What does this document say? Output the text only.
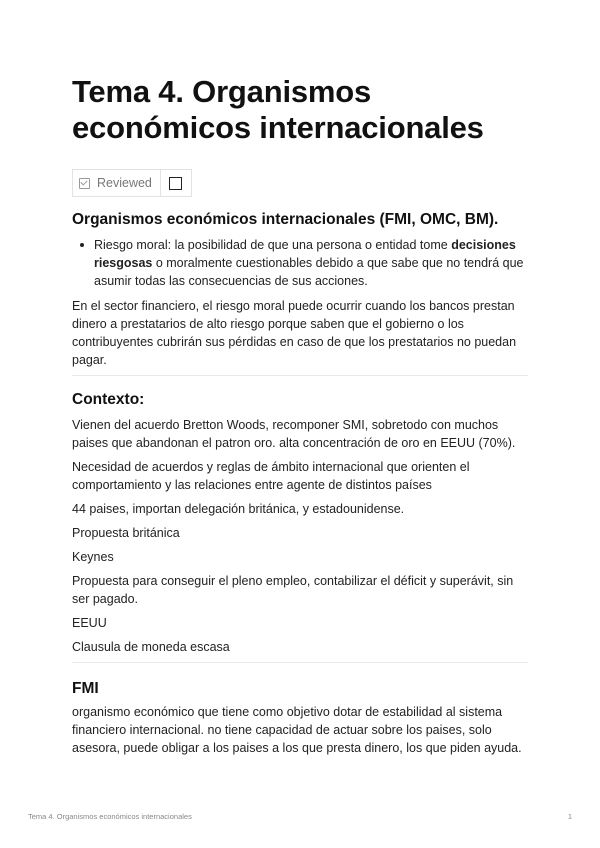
Tema 4. Organismos económicos internacionales
Reviewed
Organismos económicos internacionales (FMI, OMC, BM).

Riesgo moral: la posibilidad de que una persona o entidad tome decisiones riesgosas o moralmente cuestionables debido a que sabe que no tendrá que asumir todas las consecuencias de sus acciones.

En el sector financiero, el riesgo moral puede ocurrir cuando los bancos prestan dinero a prestatarios de alto riesgo porque saben que el gobierno o los contribuyentes cubrirán sus pérdidas en caso de que los prestatarios no puedan pagar.

Contexto:

Vienen del acuerdo Bretton Woods, recomponer SMI, sobretodo con muchos paises que abandonan el patron oro. alta concentración de oro en EEUU (70%).

Necesidad de acuerdos y reglas de ámbito internacional que orienten el comportamiento y las relaciones entre agente de distintos países

44 paises, importan delegación británica, y estadounidense.

Propuesta británica

Keynes

Propuesta para conseguir el pleno empleo, contabilizar el déficit y superávit, sin ser pagado.

EEUU

Clausula de moneda escasa

FMI

organismo económico que tiene como objetivo dotar de estabilidad al sistema financiero internacional. no tiene capacidad de actuar sobre los paises, solo asesora, puede obligar a los paises a los que presta dinero, los que piden ayuda.

Tema 4. Organismos económicos internacionales	1
